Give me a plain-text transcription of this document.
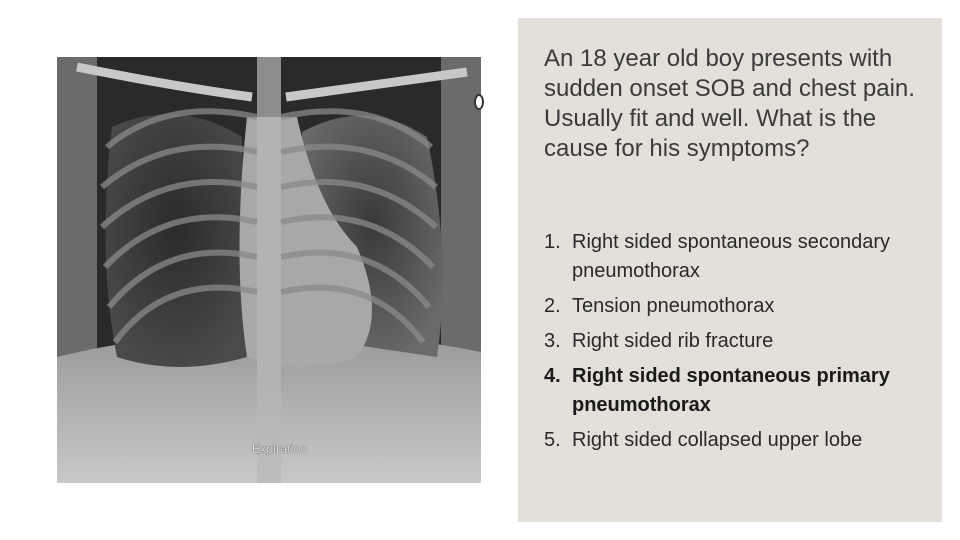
Expiration
An 18 year old boy presents with sudden onset SOB and chest pain. Usually fit and well. What is the cause for his symptoms?
1. Right sided spontaneous secondary pneumothorax
2. Tension pneumothorax
3. Right sided rib fracture
4. Right sided spontaneous primary pneumothorax
5. Right sided collapsed upper lobe
